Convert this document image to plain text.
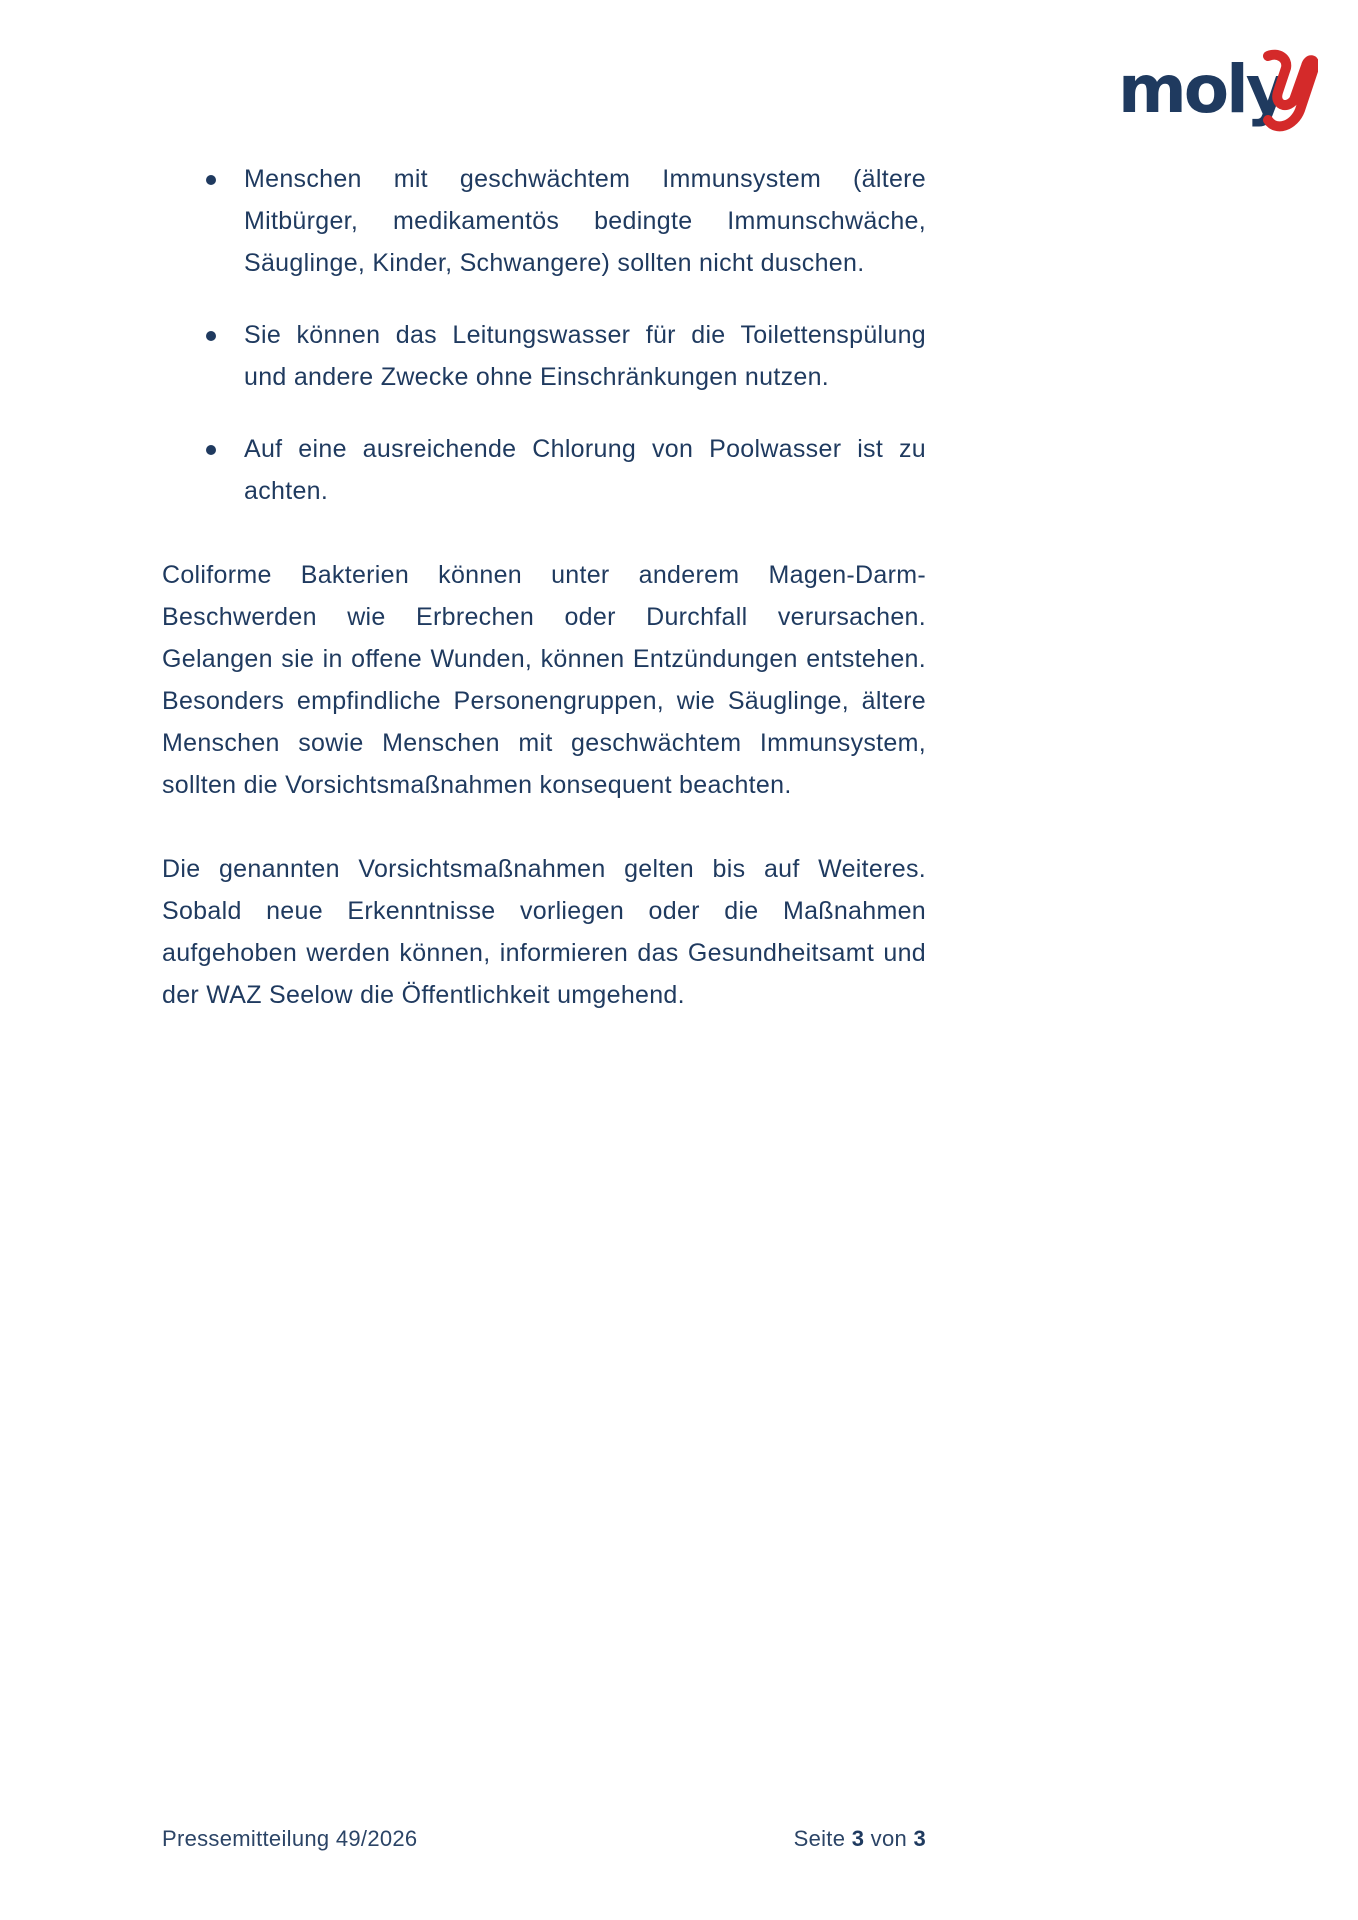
moly
Menschen mit geschwächtem Immunsystem (ältere Mitbürger, medikamentös bedingte Immunschwäche, Säuglinge, Kinder, Schwangere) sollten nicht duschen.
Sie können das Leitungswasser für die Toilettenspülung und andere Zwecke ohne Einschränkungen nutzen.
Auf eine ausreichende Chlorung von Poolwasser ist zu achten.

Coliforme Bakterien können unter anderem Magen-Darm-Beschwerden wie Erbrechen oder Durchfall verursachen. Gelangen sie in offene Wunden, können Entzündungen entstehen. Besonders empfindliche Personengruppen, wie Säuglinge, ältere Menschen sowie Menschen mit geschwächtem Immunsystem, sollten die Vorsichtsmaßnahmen konsequent beachten.

Die genannten Vorsichtsmaßnahmen gelten bis auf Weiteres. Sobald neue Erkenntnisse vorliegen oder die Maßnahmen aufgehoben werden können, informieren das Gesundheitsamt und der WAZ Seelow die Öffentlichkeit umgehend.

Pressemitteilung 49/2026	Seite 3 von 3
